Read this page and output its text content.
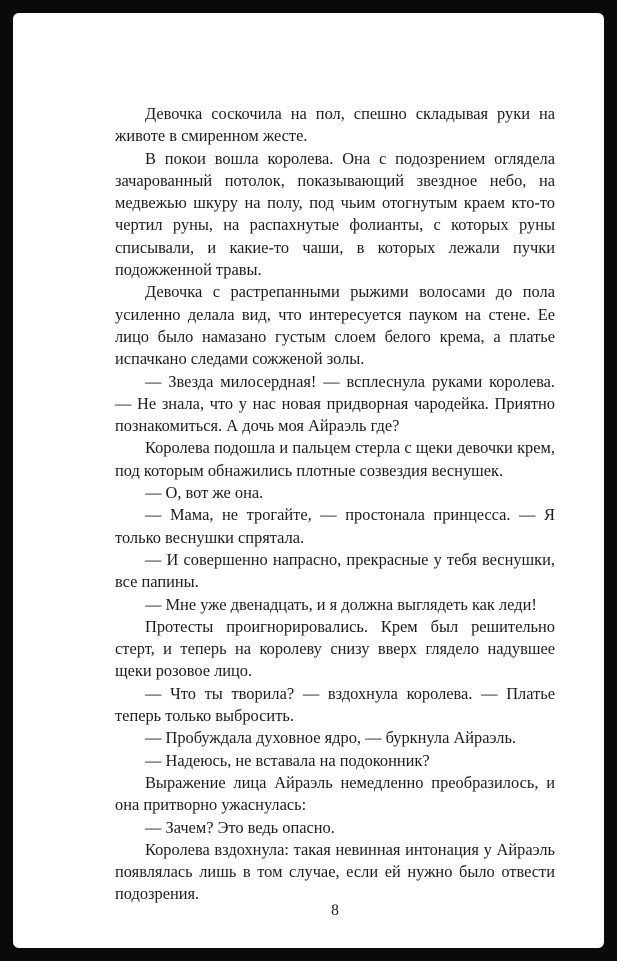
Девочка соскочила на пол, спешно складывая руки на животе в смиренном жесте.

В покои вошла королева. Она с подозрением оглядела зачарованный потолок, показывающий звездное небо, на медвежью шкуру на полу, под чьим отогнутым краем кто-то чертил руны, на распахнутые фолианты, с которых руны списывали, и какие-то чаши, в которых лежали пучки подожженной травы.

Девочка с растрепанными рыжими волосами до пола усиленно делала вид, что интересуется пауком на стене. Ее лицо было намазано густым слоем белого крема, а платье испачкано следами сожженой золы.

— Звезда милосердная! — всплеснула руками королева. — Не знала, что у нас новая придворная чародейка. Приятно познакомиться. А дочь моя Айраэль где?

Королева подошла и пальцем стерла с щеки девочки крем, под которым обнажились плотные созвездия веснушек.

— О, вот же она.

— Мама, не трогайте, — простонала принцесса. — Я только веснушки спрятала.

— И совершенно напрасно, прекрасные у тебя веснушки, все папины.

— Мне уже двенадцать, и я должна выглядеть как леди!

Протесты проигнорировались. Крем был решительно стерт, и теперь на королеву снизу вверх глядело надувшее щеки розовое лицо.

— Что ты творила? — вздохнула королева. — Платье теперь только выбросить.

— Пробуждала духовное ядро, — буркнула Айраэль.

— Надеюсь, не вставала на подоконник?

Выражение лица Айраэль немедленно преобразилось, и она притворно ужаснулась:

— Зачем? Это ведь опасно.

Королева вздохнула: такая невинная интонация у Айраэль появлялась лишь в том случае, если ей нужно было отвести подозрения.

8
